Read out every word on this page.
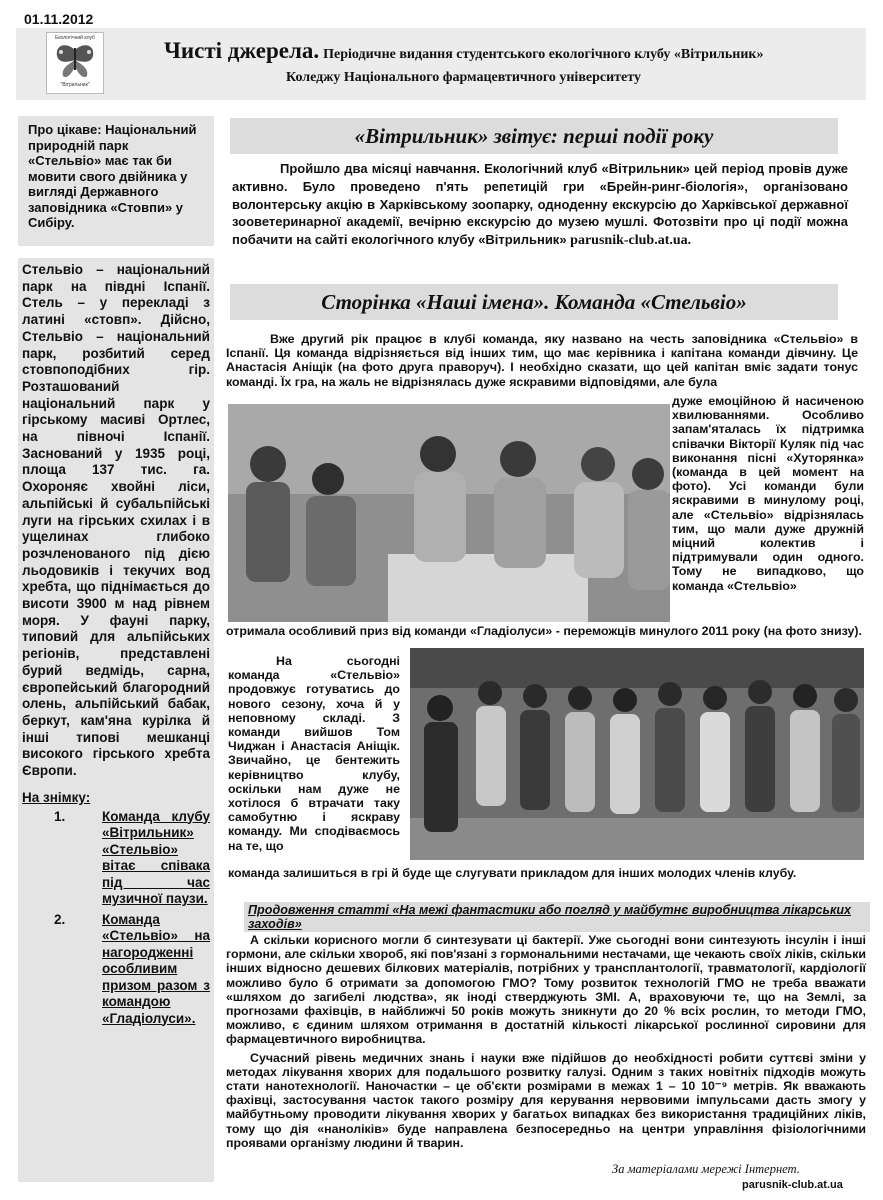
01.11.2012
Екологічний клуб
"Вітрильник"
Чисті джерела. Періодичне видання студентського екологічного клубу «Вітрильник»
Коледжу Національного фармацевтичного університету

Про цікаве: Національний природній парк «Стельвіо» має так би мовити свого двійника у вигляді Державного заповідника «Стовпи» у Сибіру.

Стельвіо – національний парк на півдні Іспанії. Стель – у перекладі з латині «стовп». Дійсно, Стельвіо – національний парк, розбитий серед стовпоподібних гір. Розташований національний парк у гірському масиві Ортлес, на півночі Іспанії. Заснований у 1935 році, площа 137 тис. га. Охороняє хвойні ліси, альпійські й субальпійські луги на гірських схилах і в ущелинах глибоко розчленованого під дією льодовиків і текучих вод хребта, що піднімається до висоти 3900 м над рівнем моря. У фауні парку, типовий для альпійських регіонів, представлені бурий ведмідь, сарна, європейський благородний олень, альпійський бабак, беркут, кам'яна курілка й інші типові мешканці високого гірського хребта Європи.

На знімку:

1.	Команда клубу «Вітрильник» «Стельвіо» вітає співака під час музичної паузи.
2.	Команда «Стельвіо» на нагородженні особливим призом разом з командою «Гладіолуси».
«Вітрильник» звітує: перші події року

Пройшло два місяці навчання. Екологічний клуб «Вітрильник» цей період провів дуже активно. Було проведено п'ять репетицій гри «Брейн-ринг-біологія», організовано волонтерську акцію в Харківському зоопарку, одноденну екскурсію до Харківської державної зооветеринарної академії, вечірню екскурсію до музею мушлі. Фотозвіти про ці події можна побачити на сайті екологічного клубу «Вітрильник» parusnik-club.at.ua.

Сторінка «Наші імена». Команда «Стельвіо»

Вже другий рік працює в клубі команда, яку названо на честь заповідника «Стельвіо» в Іспанії. Ця команда відрізняється від інших тим, що має керівника і капітана команди дівчину. Це Анастасія Аніщік (на фото друга праворуч). І необхідно сказати, що цей капітан вміє задати тонус команді. Їх гра, на жаль не відрізнялась дуже яскравими відповідями, але була

дуже емоційною й насиченою хвилюваннями. Особливо запам'яталась їх підтримка співачки Вікторії Куляк під час виконання пісні «Хуторянка» (команда в цей момент на фото). Усі команди були яскравими в минулому році, але «Стельвіо» відрізнялась тим, що мали дуже дружній міцний колектив і підтримували один одного. Тому не випадково, що команда «Стельвіо»

отримала особливий приз від команди «Гладіолуси» - переможців минулого 2011 року (на фото знизу).

На сьогодні команда «Стельвіо» продовжує готуватись до нового сезону, хоча й у неповному складі. З команди вийшов Том Чиджан і Анастасія Аніщік. Звичайно, це бентежить керівництво клубу, оскільки нам дуже не хотілося б втрачати таку самобутню і яскраву команду. Ми сподіваємось на те, що

команда залишиться в грі й буде ще слугувати прикладом для інших молодих членів клубу.

Продовження статті «На межі фантастики або погляд у майбутнє виробництва лікарських заходів»

А скільки корисного могли б синтезувати ці бактерії. Уже сьогодні вони синтезують інсулін і інші гормони, але скільки хвороб, які пов'язані з гормональними нестачами, ще чекають своїх ліків, скільки інших відносно дешевих білкових матеріалів, потрібних у трансплантології, травматології, кардіології можливо було б отримати за допомогою ГМО? Тому розвиток технологій ГМО не треба вважати «шляхом до загибелі людства», як іноді стверджують ЗМІ. А, враховуючи те, що на Землі, за прогнозами фахівців, в найближчі 50 років можуть зникнути до 20 % всіх рослин, то методи ГМО, можливо, є єдиним шляхом отримання в достатній кількості лікарської рослинної сировини для фармацевтичного виробництва.

Сучасний рівень медичних знань і науки вже підійшов до необхідності робити суттєві зміни у методах лікування хворих для подальшого розвитку галузі. Одним з таких новітніх підходів можуть стати нанотехнології. Наночастки – це об'єкти розмірами в межах 1 – 10 10⁻⁹ метрів. Як вважають фахівці, застосування часток такого розміру для керування нервовими імпульсами дасть змогу у майбутньому проводити лікування хворих у багатьох випадках без використання традиційних ліків, тому що дія «наноліків» буде направлена безпосередньо на центри управління фізіологічними проявами організму людини й тварин.

За матеріалами мережі Інтернет.
parusnik-club.at.ua
